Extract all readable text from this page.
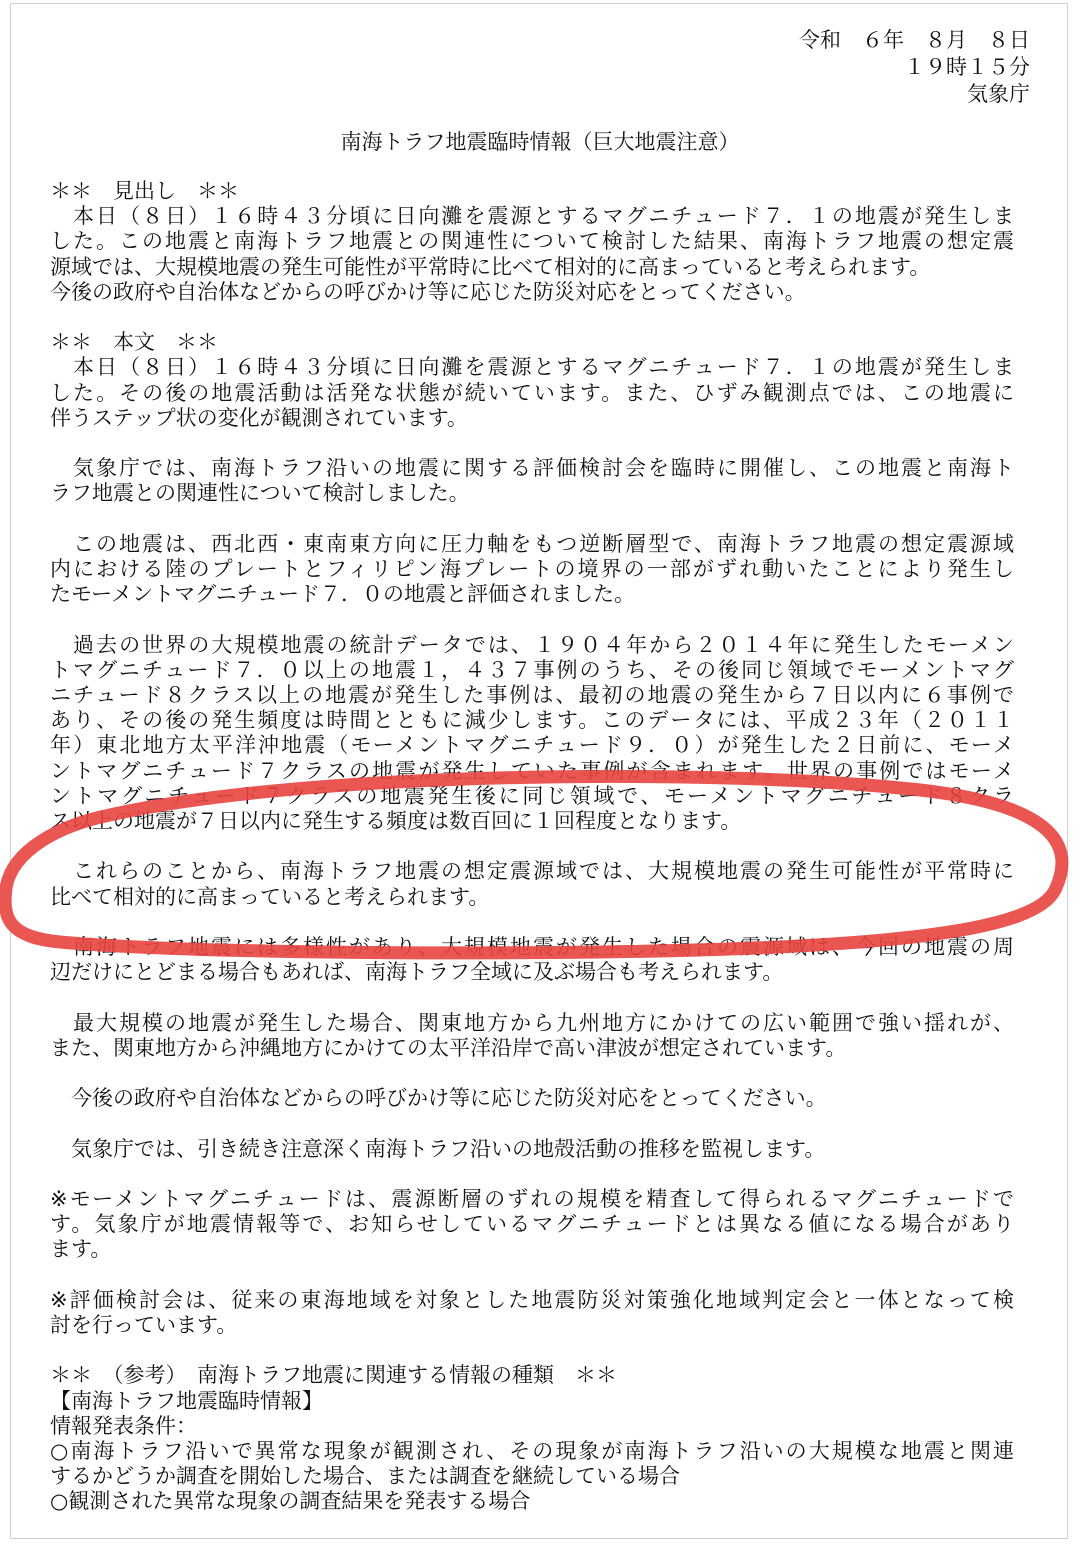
令和　６年　８月　８日
１９時１５分
気象庁
南海トラフ地震臨時情報（巨大地震注意）
＊＊　見出し　＊＊
　本日（８日）１６時４３分頃に日向灘を震源とするマグニチュード７．１の地震が発生しま
した。この地震と南海トラフ地震との関連性について検討した結果、南海トラフ地震の想定震
源域では、大規模地震の発生可能性が平常時に比べて相対的に高まっていると考えられます。
今後の政府や自治体などからの呼びかけ等に応じた防災対応をとってください。
＊＊　本文　＊＊
　本日（８日）１６時４３分頃に日向灘を震源とするマグニチュード７．１の地震が発生しま
した。その後の地震活動は活発な状態が続いています。また、ひずみ観測点では、この地震に
伴うステップ状の変化が観測されています。
　気象庁では、南海トラフ沿いの地震に関する評価検討会を臨時に開催し、この地震と南海ト
ラフ地震との関連性について検討しました。
　この地震は、西北西・東南東方向に圧力軸をもつ逆断層型で、南海トラフ地震の想定震源域
内における陸のプレートとフィリピン海プレートの境界の一部がずれ動いたことにより発生し
たモーメントマグニチュード７．０の地震と評価されました。
　過去の世界の大規模地震の統計データでは、１９０４年から２０１４年に発生したモーメン
トマグニチュード７．０以上の地震１，４３７事例のうち、その後同じ領域でモーメントマグ
ニチュード８クラス以上の地震が発生した事例は、最初の地震の発生から７日以内に６事例で
あり、その後の発生頻度は時間とともに減少します。このデータには、平成２３年（２０１１
年）東北地方太平洋沖地震（モーメントマグニチュード９．０）が発生した２日前に、モーメ
ントマグニチュード７クラスの地震が発生していた事例が含まれます。世界の事例ではモーメ
ントマグニチュード７クラスの地震発生後に同じ領域で、モーメントマグニチュード８クラ
ス以上の地震が７日以内に発生する頻度は数百回に１回程度となります。
　これらのことから、南海トラフ地震の想定震源域では、大規模地震の発生可能性が平常時に
比べて相対的に高まっていると考えられます。
　南海トラフ地震には多様性があり、大規模地震が発生した場合の震源域は、今回の地震の周
辺だけにとどまる場合もあれば、南海トラフ全域に及ぶ場合も考えられます。
　最大規模の地震が発生した場合、関東地方から九州地方にかけての広い範囲で強い揺れが、
また、関東地方から沖縄地方にかけての太平洋沿岸で高い津波が想定されています。
　今後の政府や自治体などからの呼びかけ等に応じた防災対応をとってください。
　気象庁では、引き続き注意深く南海トラフ沿いの地殻活動の推移を監視します。
※モーメントマグニチュードは、震源断層のずれの規模を精査して得られるマグニチュードで
す。気象庁が地震情報等で、お知らせしているマグニチュードとは異なる値になる場合があり
ます。
※評価検討会は、従来の東海地域を対象とした地震防災対策強化地域判定会と一体となって検
討を行っています。
＊＊　（参考）　南海トラフ地震に関連する情報の種類　＊＊
【南海トラフ地震臨時情報】
情報発表条件：
○南海トラフ沿いで異常な現象が観測され、その現象が南海トラフ沿いの大規模な地震と関連
するかどうか調査を開始した場合、または調査を継続している場合
○観測された異常な現象の調査結果を発表する場合
